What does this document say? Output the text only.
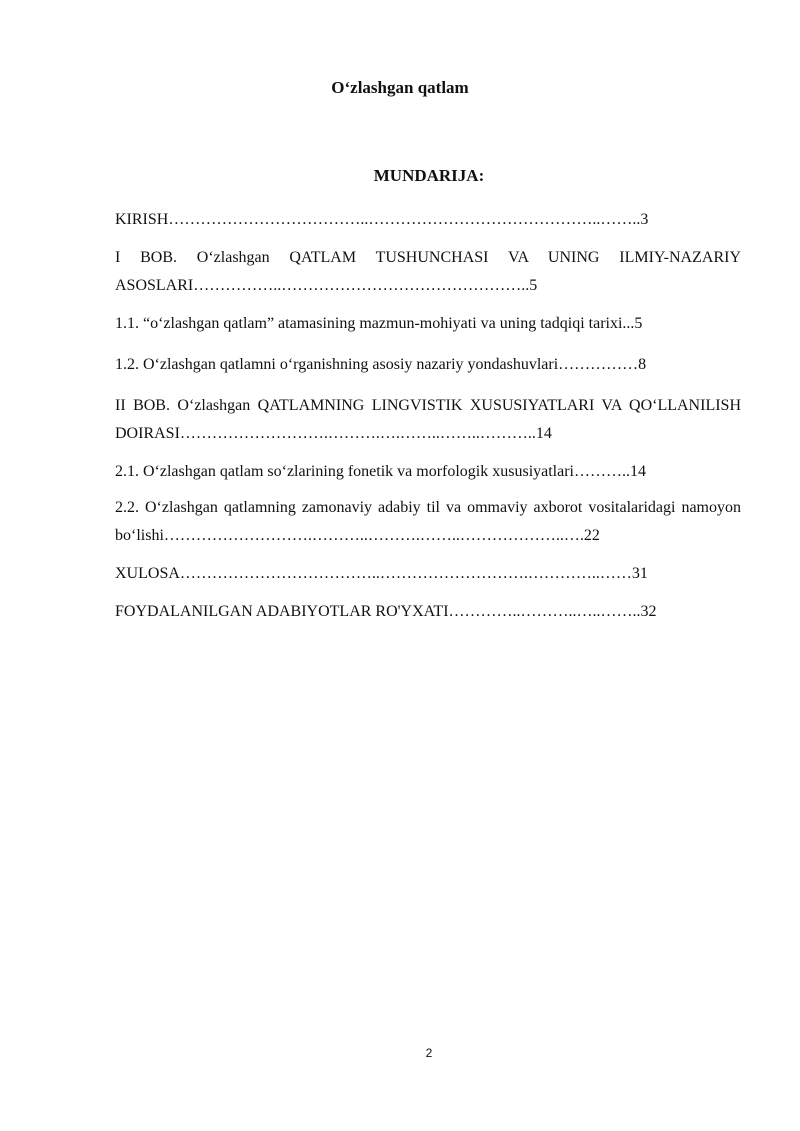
O‘zlashgan qatlam
MUNDARIJA:
KIRISH………………………………..……………………………………..……..3
I BOB. O‘zlashgan QATLAM TUSHUNCHASI VA UNING ILMIY-NAZARIY ASOSLARI……………..………………………………………..5
1.1. “o‘zlashgan qatlam” atamasining mazmun-mohiyati va uning tadqiqi tarixi...5
1.2. O‘zlashgan qatlamni o‘rganishning asosiy nazariy yondashuvlari……………8
II BOB. O‘zlashgan QATLAMNING LINGVISTIK XUSUSIYATLARI VA QO‘LLANILISH DOIRASI……………………….……….….……..……..………..14
2.1. O‘zlashgan qatlam so‘zlarining fonetik va morfologik xususiyatlari………..14
2.2. O‘zlashgan qatlamning zamonaviy adabiy til va ommaviy axborot vositalaridagi namoyon bo‘lishi……………………….………..……….……..………………..….22
XULOSA………………………………..……………………….…………..……31
FOYDALANILGAN ADABIYOTLAR RO'YXATI…………..………..…..……..32
2
